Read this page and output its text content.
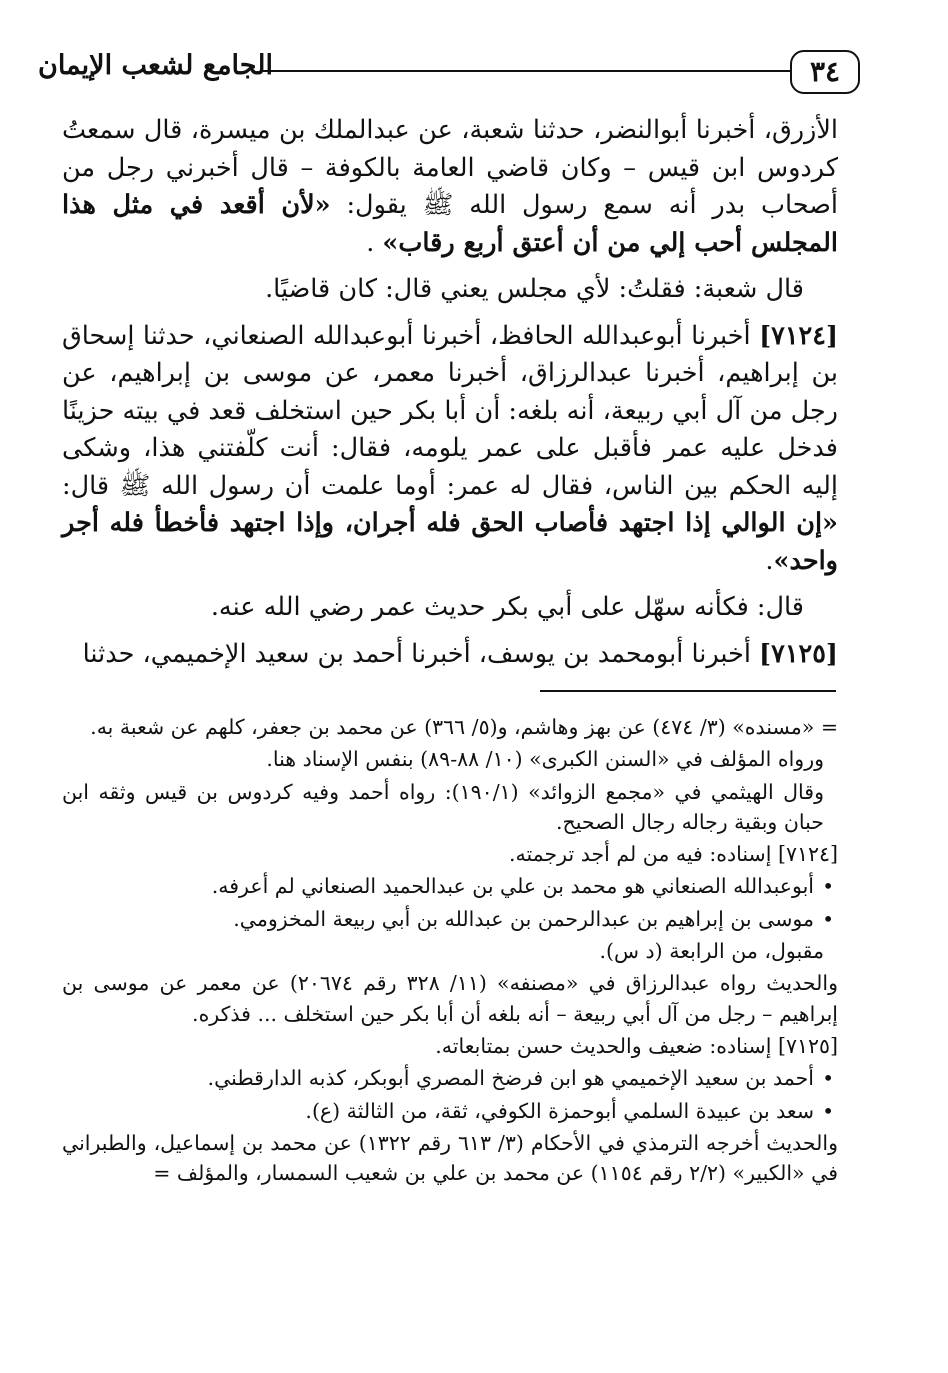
٣٤
الجامع لشعب الإيمان

الأزرق، أخبرنا أبوالنضر، حدثنا شعبة، عن عبدالملك بن ميسرة، قال سمعتُ كردوس ابن قيس – وكان قاضي العامة بالكوفة – قال أخبرني رجل من أصحاب بدر أنه سمع رسول الله ﷺ يقول: «لأن أقعد في مثل هذا المجلس أحب إلي من أن أعتق أربع رقاب» .

قال شعبة: فقلتُ: لأي مجلس يعني قال: كان قاضيًا.

[٧١٢٤] أخبرنا أبوعبدالله الحافظ، أخبرنا أبوعبدالله الصنعاني، حدثنا إسحاق بن إبراهيم، أخبرنا عبدالرزاق، أخبرنا معمر، عن موسى بن إبراهيم، عن رجل من آل أبي ربيعة، أنه بلغه: أن أبا بكر حين استخلف قعد في بيته حزينًا فدخل عليه عمر فأقبل على عمر يلومه، فقال: أنت كلّفتني هذا، وشكى إليه الحكم بين الناس، فقال له عمر: أوما علمت أن رسول الله ﷺ قال: «إن الوالي إذا اجتهد فأصاب الحق فله أجران، وإذا اجتهد فأخطأ فله أجر واحد».

قال: فكأنه سهّل على أبي بكر حديث عمر رضي الله عنه.

[٧١٢٥] أخبرنا أبومحمد بن يوسف، أخبرنا أحمد بن سعيد الإخميمي، حدثنا

= «مسنده» (٣/ ٤٧٤) عن بهز وهاشم، و(٥/ ٣٦٦) عن محمد بن جعفر، كلهم عن شعبة به.

ورواه المؤلف في «السنن الكبرى» (١٠/ ٨٨-٨٩) بنفس الإسناد هنا.

وقال الهيثمي في «مجمع الزوائد» (١٩٠/١): رواه أحمد وفيه كردوس بن قيس وثقه ابن حبان وبقية رجاله رجال الصحيح.

[٧١٢٤] إسناده: فيه من لم أجد ترجمته.

• أبوعبدالله الصنعاني هو محمد بن علي بن عبدالحميد الصنعاني لم أعرفه.

• موسى بن إبراهيم بن عبدالرحمن بن عبدالله بن أبي ربيعة المخزومي.

مقبول، من الرابعة (د س).

والحديث رواه عبدالرزاق في «مصنفه» (١١/ ٣٢٨ رقم ٢٠٦٧٤) عن معمر عن موسى بن إبراهيم – رجل من آل أبي ربيعة – أنه بلغه أن أبا بكر حين استخلف ... فذكره.

[٧١٢٥] إسناده: ضعيف والحديث حسن بمتابعاته.

• أحمد بن سعيد الإخميمي هو ابن فرضخ المصري أبوبكر، كذبه الدارقطني.

• سعد بن عبيدة السلمي أبوحمزة الكوفي، ثقة، من الثالثة (ع).

والحديث أخرجه الترمذي في الأحكام (٣/ ٦١٣ رقم ١٣٢٢) عن محمد بن إسماعيل، والطبراني في «الكبير» (٢/٢ رقم ١١٥٤) عن محمد بن علي بن شعيب السمسار، والمؤلف =
